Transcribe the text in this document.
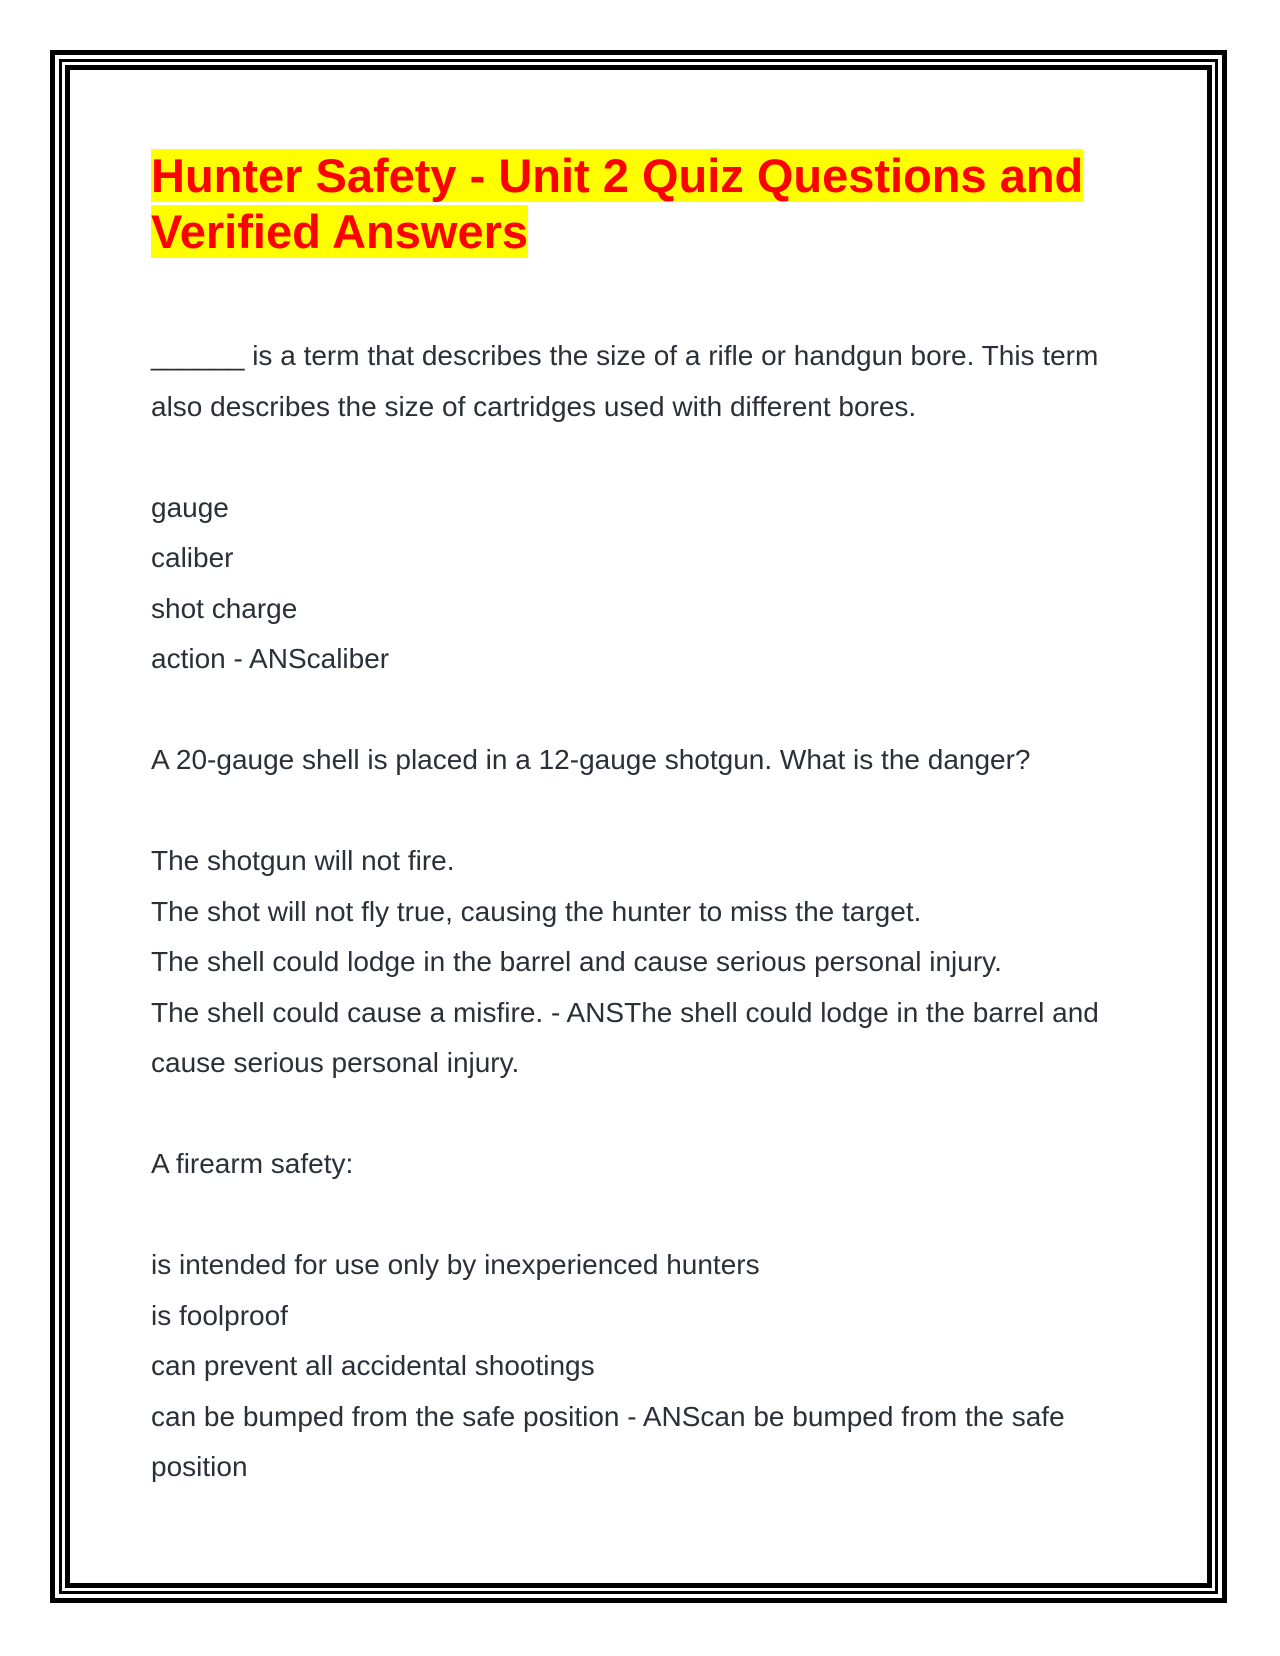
Hunter Safety - Unit 2 Quiz Questions and Verified Answers
______ is a term that describes the size of a rifle or handgun bore. This term also describes the size of cartridges used with different bores.
gauge
caliber
shot charge
action - ANScaliber
A 20-gauge shell is placed in a 12-gauge shotgun. What is the danger?
The shotgun will not fire.
The shot will not fly true, causing the hunter to miss the target.
The shell could lodge in the barrel and cause serious personal injury.
The shell could cause a misfire. - ANSThe shell could lodge in the barrel and cause serious personal injury.
A firearm safety:
is intended for use only by inexperienced hunters
is foolproof
can prevent all accidental shootings
can be bumped from the safe position - ANScan be bumped from the safe position
